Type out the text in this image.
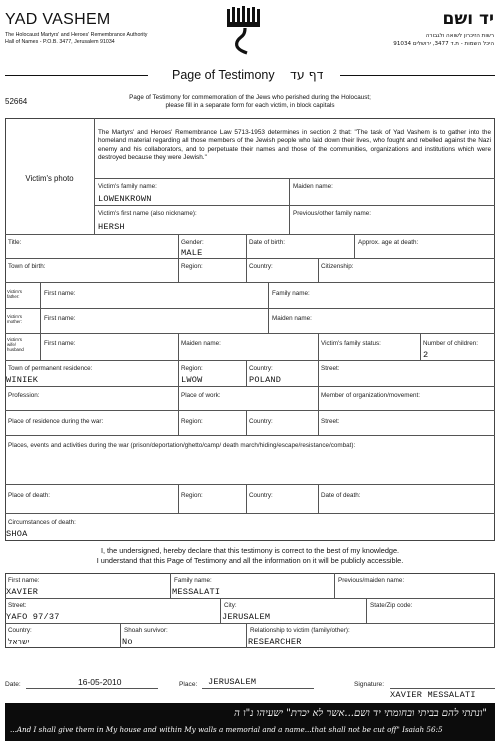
YAD VASHEM
The Holocaust Martyrs' and Heroes' Remembrance Authority
Hall of Names - P.O.B. 3477, Jerusalem 91034
יד ושם
רשות הזיכרון לשואה ולגבורה
היכל השמות - ת.ד 3477, ירושלים 91034
Page of Testimony דף עד
52664	Page of Testimony for commemoration of the Jews who perished during the Holocaust;
please fill in a separate form for each victim, in block capitals
Victim's photo
The Martyrs' and Heroes' Remembrance Law 5713-1953 determines in section 2 that: "The task of Yad Vashem is to gather into the homeland material regarding all those members of the Jewish people who laid down their lives, who fought and rebelled against the Nazi enemy and his collaborators, and to perpetuate their names and those of the communities, organizations and institutions which were destroyed because they were Jewish."
Victim's family name:
LOWENKROWN
Maiden name:
Victim's first name (also nickname):
HERSH
Previous/other family name:
Title:	Gender:
MALE
Date of birth:	Approx. age at death:
Town of birth:	Region:	Country:	Citizenship:
Victim's
father:	First name:	Family name:
Victim's
mother:	First name:	Maiden name:
Victim's
wife/
husband
First name:	Maiden name:	Victim's family status:	Number of children:
2
Town of permanent residence:
WINIEK
Region:
LWOW
Country:
POLAND
Street:
Profession:	Place of work:	Member of organization/movement:
Place of residence during the war:	Region:	Country:	Street:
Places, events and activities during the war (prison/deportation/ghetto/camp/ death march/hiding/escape/resistance/combat):
Place of death:	Region:	Country:	Date of death:
Circumstances of death:
SHOA
I, the undersigned, hereby declare that this testimony is correct to the best of my knowledge.
I understand that this Page of Testimony and all the information on it will be publicly accessible.
First name:
XAVIER
Family name:
MESSALATI
Previous/maiden name:
Street:
YAFO 97/37
City:
JERUSALEM
State/Zip code:
Country:
ישראל
Shoah survivor:
No
Relationship to victim (family/other):
RESEARCHER
Date:	16-05-2010	Place: JERUSALEM	Signature:
XAVIER MESSALATI
"ונתתי להם בביתי ובחומתי יד ושם...אשר לא יכרת" ישעיהו נ"ו ה
...And I shall give them in My house and within My walls a memorial and a name...that shall not be cut off" Isaiah 56:5
